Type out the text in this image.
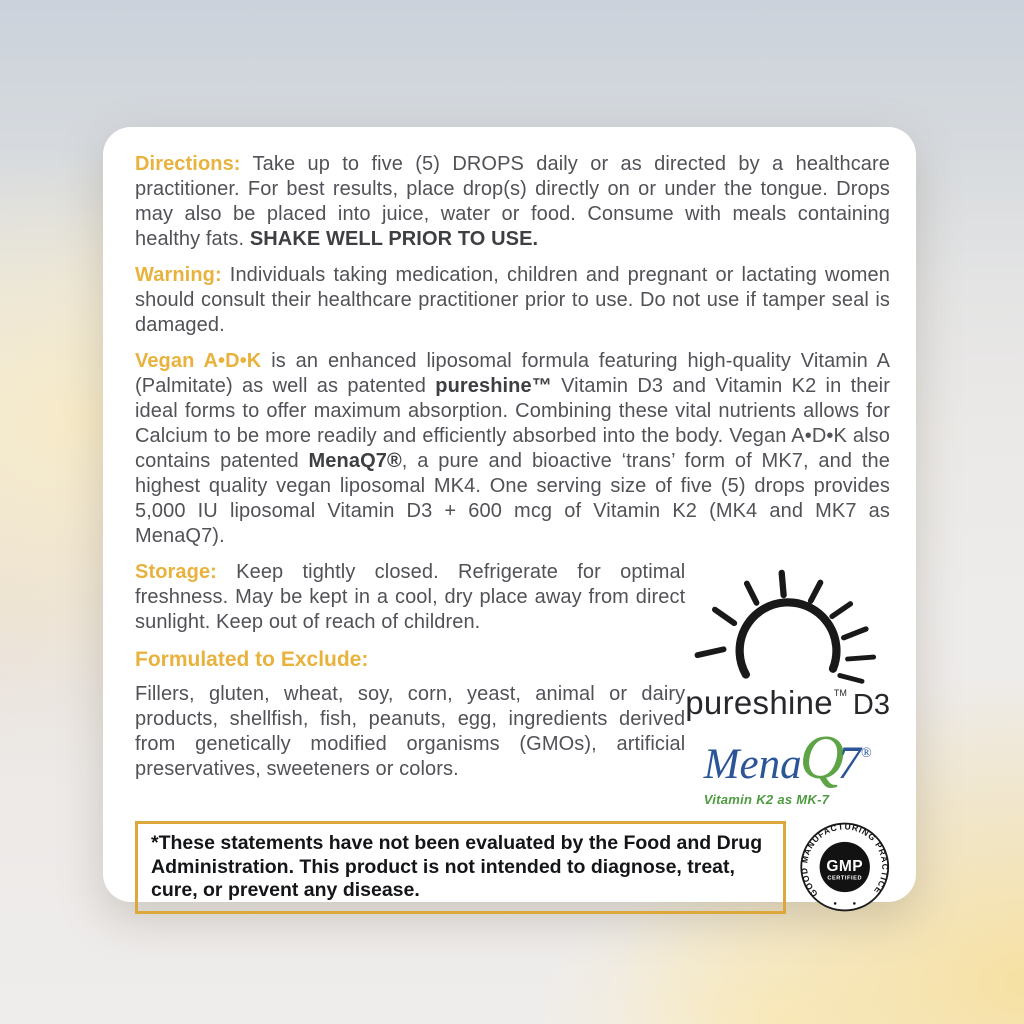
Directions: Take up to five (5) DROPS daily or as directed by a healthcare practitioner. For best results, place drop(s) directly on or under the tongue. Drops may also be placed into juice, water or food. Consume with meals containing healthy fats. SHAKE WELL PRIOR TO USE.

Warning: Individuals taking medication, children and pregnant or lactating women should consult their healthcare practitioner prior to use. Do not use if tamper seal is damaged.

Vegan A•D•K is an enhanced liposomal formula featuring high-quality Vitamin A (Palmitate) as well as patented pureshine™ Vitamin D3 and Vitamin K2 in their ideal forms to offer maximum absorption. Combining these vital nutrients allows for Calcium to be more readily and efficiently absorbed into the body. Vegan A•D•K also contains patented MenaQ7®, a pure and bioactive ‘trans’ form of MK7, and the highest quality vegan liposomal MK4. One serving size of five (5) drops provides 5,000 IU liposomal Vitamin D3 + 600 mcg of Vitamin K2 (MK4 and MK7 as MenaQ7).

Storage: Keep tightly closed. Refrigerate for optimal freshness. May be kept in a cool, dry place away from direct sunlight. Keep out of reach of children.

Formulated to Exclude:

Fillers, gluten, wheat, soy, corn, yeast, animal or dairy products, shellfish, fish, peanuts, egg, ingredients derived from genetically modified organisms (GMOs), artificial preservatives, sweeteners or colors.

pureshine TM D3
Mena
Q
7 ®
Vitamin K2 as MK-7
*These statements have not been evaluated by the Food and Drug Administration. This product is not intended to diagnose, treat, cure, or prevent any disease.	GOOD MANUFACTURING PRACTICE
GMP
CERTIFIED
